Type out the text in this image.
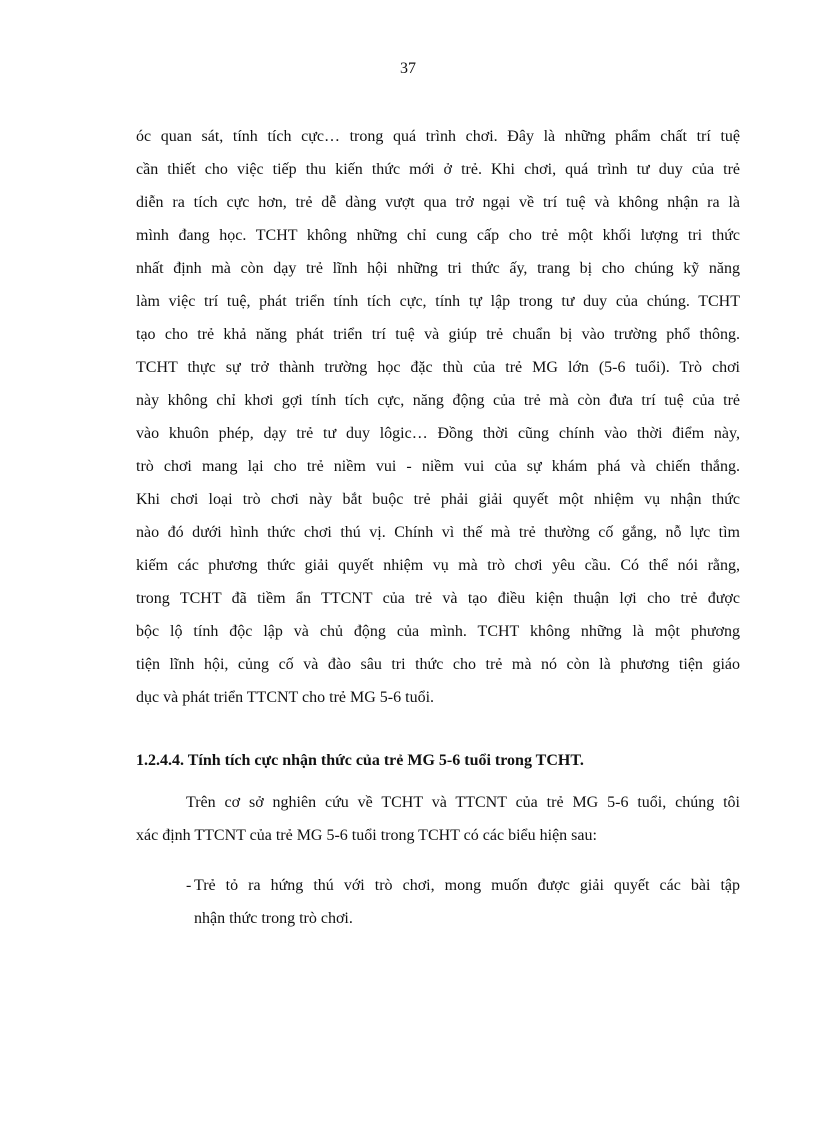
37
óc quan sát, tính tích cực… trong quá trình chơi. Đây là những phẩm chất trí tuệ
cần thiết cho việc tiếp thu kiến thức mới ở trẻ. Khi chơi, quá trình tư duy của trẻ
diễn ra tích cực hơn, trẻ dễ dàng vượt qua trở ngại về trí tuệ và không nhận ra là
mình đang học. TCHT không những chỉ cung cấp cho trẻ một khối lượng tri thức
nhất định mà còn dạy trẻ lĩnh hội những tri thức ấy, trang bị cho chúng kỹ năng
làm việc trí tuệ, phát triển tính tích cực, tính tự lập trong tư duy của chúng. TCHT
tạo cho trẻ khả năng phát triển trí tuệ và giúp trẻ chuẩn bị vào trường phổ thông.
TCHT thực sự trở thành trường học đặc thù của trẻ MG lớn (5-6 tuổi). Trò chơi
này không chỉ khơi gợi tính tích cực, năng động của trẻ mà còn đưa trí tuệ của trẻ
vào khuôn phép, dạy trẻ tư duy lôgic… Đồng thời cũng chính vào thời điểm này,
trò chơi mang lại cho trẻ niềm vui - niềm vui của sự khám phá và chiến thắng.
Khi chơi loại trò chơi này bắt buộc trẻ phải giải quyết một nhiệm vụ nhận thức
nào đó dưới hình thức chơi thú vị. Chính vì thế mà trẻ thường cố gắng, nỗ lực tìm
kiếm các phương thức giải quyết nhiệm vụ mà trò chơi yêu cầu. Có thể nói rằng,
trong TCHT đã tiềm ẩn TTCNT của trẻ và tạo điều kiện thuận lợi cho trẻ được
bộc lộ tính độc lập và chủ động của mình. TCHT không những là một phương
tiện lĩnh hội, củng cố và đào sâu tri thức cho trẻ mà nó còn là phương tiện giáo
dục và phát triển TTCNT cho trẻ MG 5-6 tuổi.
1.2.4.4. Tính tích cực nhận thức của trẻ MG 5-6 tuổi trong TCHT.
Trên cơ sở nghiên cứu về TCHT và TTCNT của trẻ MG 5-6 tuổi, chúng tôi
xác định TTCNT của trẻ MG 5-6 tuổi trong TCHT có các biểu hiện sau:
- Trẻ tỏ ra hứng thú với trò chơi, mong muốn được giải quyết các bài tập
nhận thức trong trò chơi.
